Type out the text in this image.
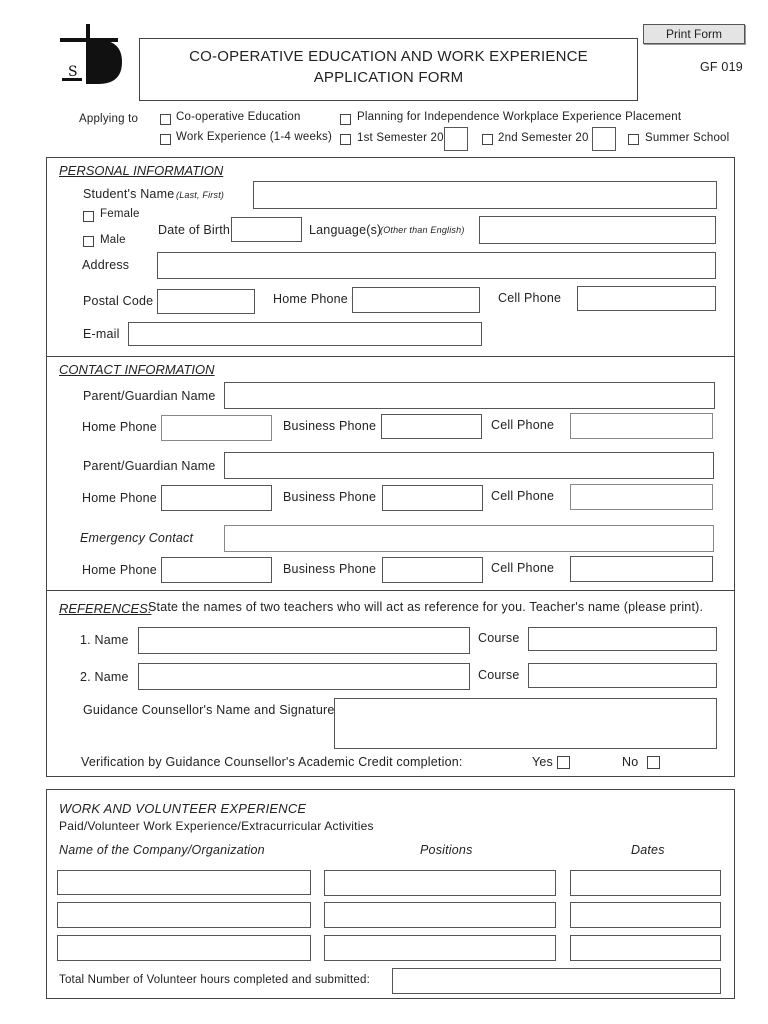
S
CO-OPERATIVE EDUCATION AND WORK EXPERIENCE
APPLICATION FORM
Print Form
GF 019
Applying to	Co-operative Education	Planning for Independence Workplace Experience Placement
Work Experience (1-4 weeks) 1st Semester 20	2nd Semester 20	Summer School
PERSONAL INFORMATION
Student's Name (Last, First)
Female
Male
Date of Birth	Language(s)
(Other than English)
Address
Postal Code	Home Phone	Cell Phone
E-mail
CONTACT INFORMATION
Parent/Guardian Name
Home Phone	Business Phone	Cell Phone
Parent/Guardian Name
Home Phone	Business Phone	Cell Phone
Emergency Contact
Home Phone	Business Phone	Cell Phone
REFERENCES:
State the names of two teachers who will act as reference for you. Teacher's name (please print).
1. Name	Course
2. Name	Course
Guidance Counsellor's Name and Signature
Verification by Guidance Counsellor's Academic Credit completion:	Yes	No
WORK AND VOLUNTEER EXPERIENCE
Paid/Volunteer Work Experience/Extracurricular Activities
Name of the Company/Organization	Positions	Dates
Total Number of Volunteer hours completed and submitted:
